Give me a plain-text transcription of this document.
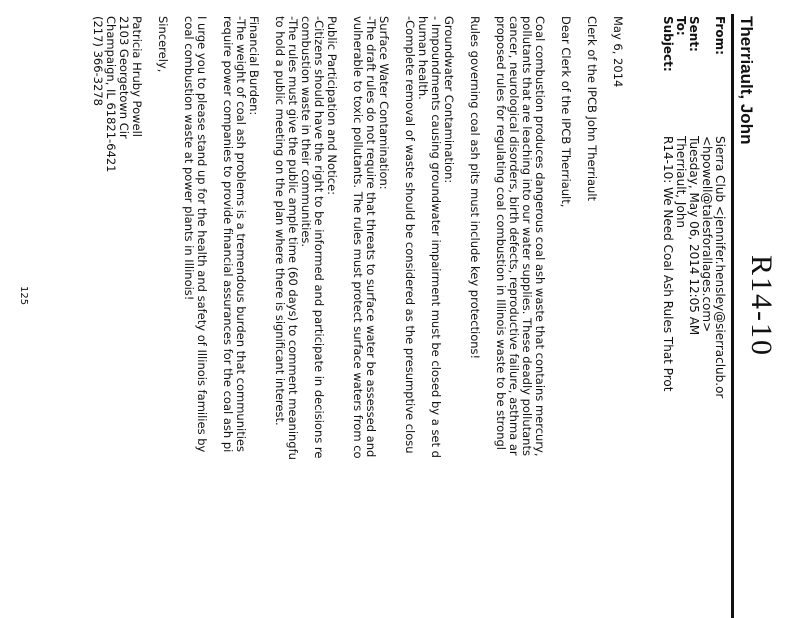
R14-10
Therriault, John
From:
Sierra Club <jennifer.hensley@sierraclub.or
<hpowell@talesforallages.com>
Sent:
Tuesday, May 06, 2014 12:05 AM
To:
Therriault, John
Subject:
R14-10: We Need Coal Ash Rules That Prot
May 6, 2014
Clerk of the IPCB John Therriault
Dear Clerk of the IPCB Therriault,
Coal combustion produces dangerous coal ash waste that contains mercury,
pollutants that are leaching into our water supplies. These deadly pollutants
cancer, neurological disorders, birth defects, reproductive failure, asthma ar
proposed rules for regulating coal combustion in Illinois waste to be strongl
Rules governing coal ash pits must include key protections!
Groundwater Contamination:
- Impoundments causing groundwater impairment must be closed by a set d
human health.
-Complete removal of waste should be considered as the presumptive closu
Surface Water Contamination:
-The draft rules do not require that threats to surface water be assessed and
vulnerable to toxic pollutants. The rules must protect surface waters from co
Public Participation and Notice:
-Citizens should have the right to be informed and participate in decisions re
combustion waste in their communities.
-The rules must give the public ample time (60 days) to comment meaningfu
to hold a public meeting on the plan where there is significant interest.
Financial Burden:
-The weight of coal ash problems is a tremendous burden that communities
require power companies to provide financial assurances for the coal ash pi
I urge you to please stand up for the health and safety of Illinois families by
coal combustion waste at power plants in Illinois!
Sincerely,
Patricia Hruby Powell
2103 Georgetown Cir
Champaign, IL 61821-6421
(217) 366-3278
125
